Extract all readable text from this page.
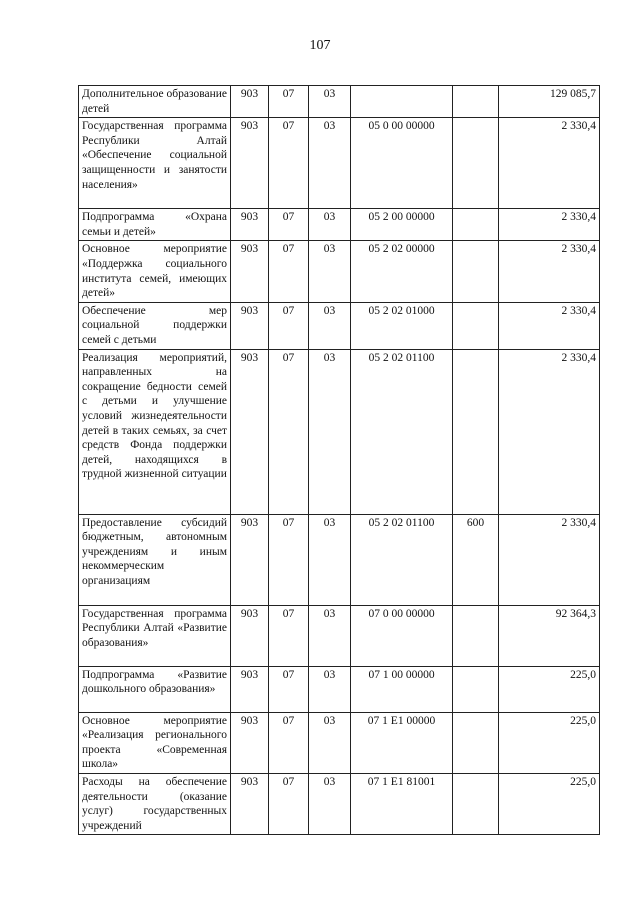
107
Дополнительное образование детей	903	07	03			129 085,7
Государственная программа Республики Алтай «Обеспечение социальной защищенности и занятости населения»	903	07	03	05 0 00 00000		2 330,4
Подпрограмма «Охрана семьи и детей»	903	07	03	05 2 00 00000		2 330,4
Основное мероприятие «Поддержка социального института семей, имеющих детей»	903	07	03	05 2 02 00000		2 330,4
Обеспечение мер социальной поддержки семей с детьми	903	07	03	05 2 02 01000		2 330,4
Реализация мероприятий, направленных на сокращение бедности семей с детьми и улучшение условий жизнедеятельности детей в таких семьях, за счет средств Фонда поддержки детей, находящихся в трудной жизненной ситуации	903	07	03	05 2 02 01100		2 330,4
Предоставление субсидий бюджетным, автономным учреждениям и иным некоммерческим организациям	903	07	03	05 2 02 01100	600	2 330,4
Государственная программа Республики Алтай «Развитие образования»	903	07	03	07 0 00 00000		92 364,3
Подпрограмма «Развитие дошкольного образования»	903	07	03	07 1 00 00000		225,0
Основное мероприятие «Реализация регионального проекта «Современная школа»	903	07	03	07 1 E1 00000		225,0
Расходы на обеспечение деятельности (оказание услуг) государственных учреждений	903	07	03	07 1 E1 81001		225,0
